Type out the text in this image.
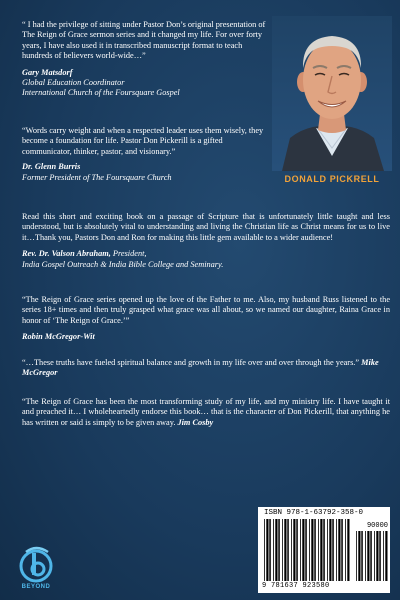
“ I had the privilege of sitting under Pastor Don’s original presentation of The Reign of Grace sermon series and it changed my life. For over forty years, I have also used it in transcribed manuscript format to teach hundreds of believers world-wide…”

Gary Matsdorf

Global Education Coordinator

International Church of the Foursquare Gospel

“Words carry weight and when a respected leader uses them wisely, they become a foundation for life. Pastor Don Pickerill is a gifted communicator, thinker, pastor, and visionary.”

Dr. Glenn Burris

Former President of The Foursquare Church	DONALD PICKRELL

Read this short and exciting book on a passage of Scripture that is unfortunately little taught and less understood, but is absolutely vital to understanding and living the Christian life as Christ means for us to live it…Thank you, Pastors Don and Ron for making this little gem available to a wider audience!

Rev. Dr. Valson Abraham, President,

India Gospel Outreach & India Bible College and Seminary.

“The Reign of Grace series opened up the love of the Father to me. Also, my husband Russ listened to the series 18+ times and then truly grasped what grace was all about, so we named our daughter, Raina Grace in honor of ‘The Reign of Grace.’”

Robin McGregor-Wit

“…These truths have fueled spiritual balance and growth in my life over and over through the years.” Mike McGregor

“The Reign of Grace has been the most transforming study of my life, and my ministry life. I have taught it and preached it… I wholeheartedly endorse this book… that is the character of Don Pickerill, that anything he has written or said is simply to be given away. Jim Cosby

BEYOND
ISBN 978-1-63792-358-0
90000
9 781637 923580
